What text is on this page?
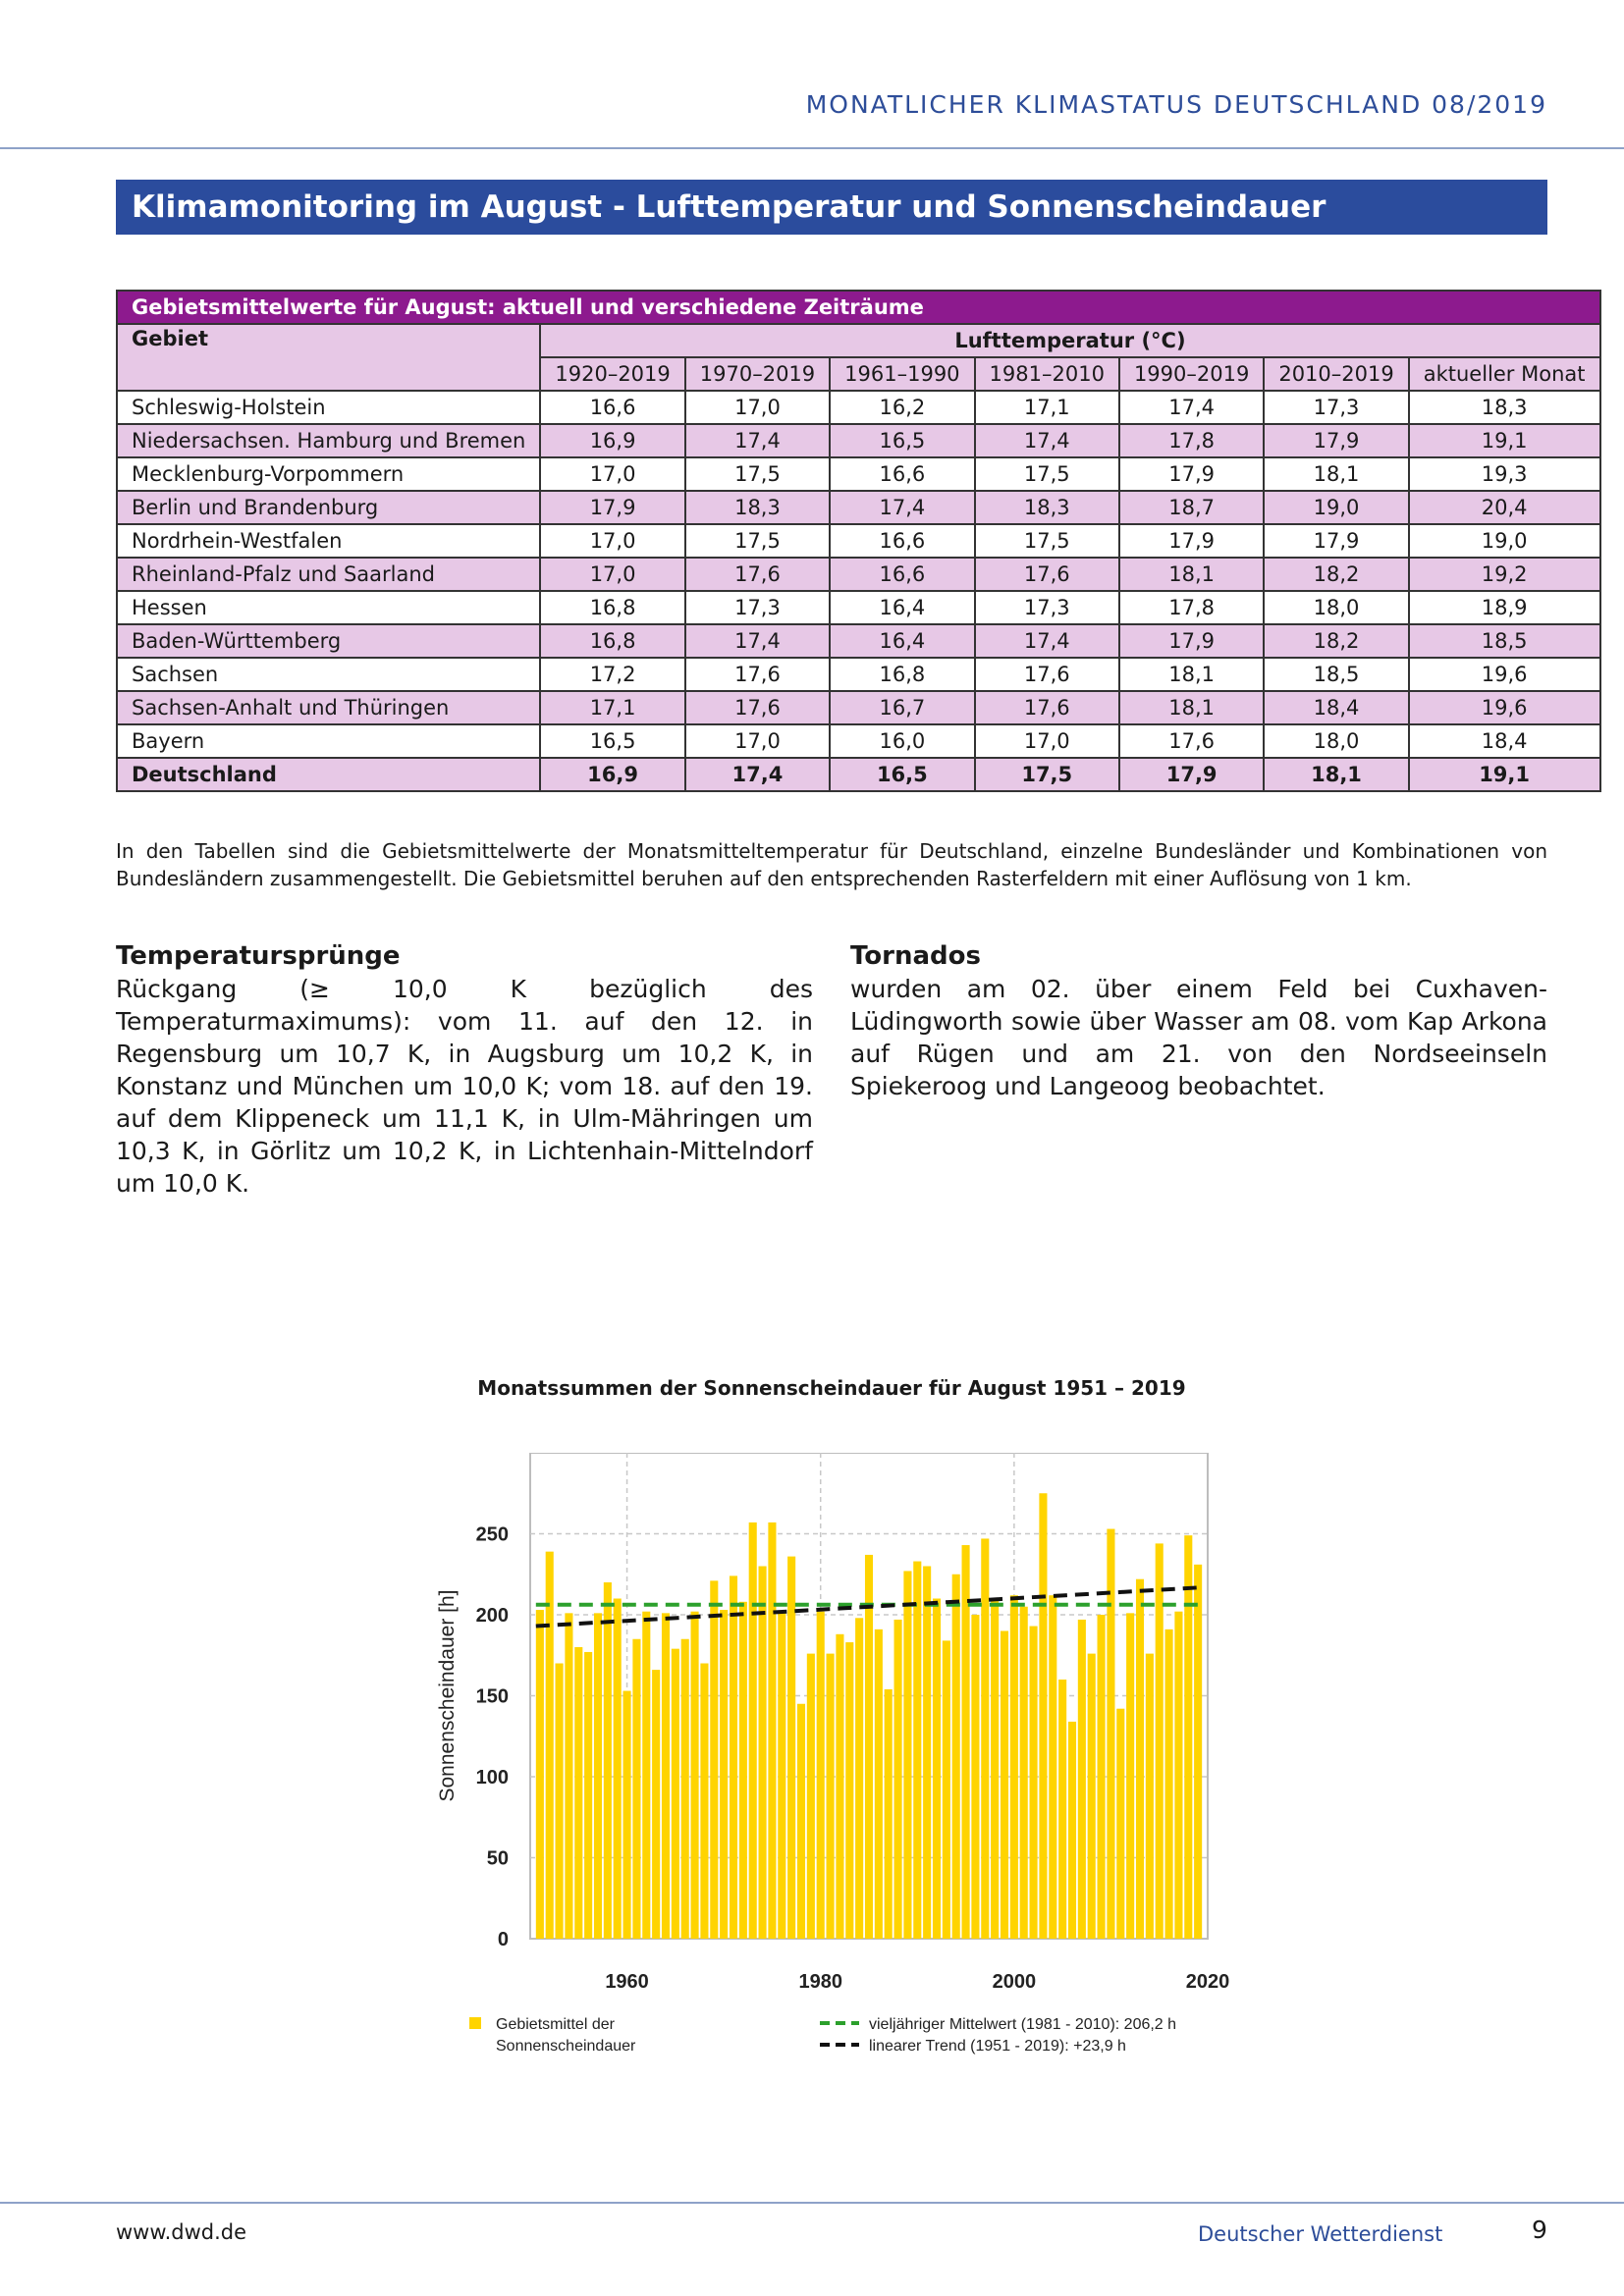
MONATLICHER KLIMASTATUS DEUTSCHLAND 08/2019
Klimamonitoring im August - Lufttemperatur und Sonnenscheindauer
Gebietsmittelwerte für August: aktuell und verschiedene Zeiträume							
Gebiet	Lufttemperatur (°C)						
	1920–2019	1970–2019	1961–1990	1981–2010	1990–2019	2010–2019	aktueller Monat
Schleswig-Holstein	16,6	17,0	16,2	17,1	17,4	17,3	18,3
Niedersachsen. Hamburg und Bremen	16,9	17,4	16,5	17,4	17,8	17,9	19,1
Mecklenburg-Vorpommern	17,0	17,5	16,6	17,5	17,9	18,1	19,3
Berlin und Brandenburg	17,9	18,3	17,4	18,3	18,7	19,0	20,4
Nordrhein-Westfalen	17,0	17,5	16,6	17,5	17,9	17,9	19,0
Rheinland-Pfalz und Saarland	17,0	17,6	16,6	17,6	18,1	18,2	19,2
Hessen	16,8	17,3	16,4	17,3	17,8	18,0	18,9
Baden-Württemberg	16,8	17,4	16,4	17,4	17,9	18,2	18,5
Sachsen	17,2	17,6	16,8	17,6	18,1	18,5	19,6
Sachsen-Anhalt und Thüringen	17,1	17,6	16,7	17,6	18,1	18,4	19,6
Bayern	16,5	17,0	16,0	17,0	17,6	18,0	18,4
Deutschland	16,9	17,4	16,5	17,5	17,9	18,1	19,1
In den Tabellen sind die Gebietsmittelwerte der Monatsmitteltemperatur für Deutschland, einzelne Bundesländer und Kombinationen von Bundesländern zusammengestellt. Die Gebietsmittel beruhen auf den entsprechenden Rasterfeldern mit einer Auflösung von 1 km.
Temperatursprünge

Rückgang (≥ 10,0 K bezüglich des Temperaturmaximums): vom 11. auf den 12. in Regensburg um 10,7 K, in Augsburg um 10,2 K, in Konstanz und München um 10,0 K; vom 18. auf den 19. auf dem Klippeneck um 11,1 K, in Ulm-Mähringen um 10,3 K, in Görlitz um 10,2 K, in Lichtenhain-Mittelndorf um 10,0 K.

Tornados

wurden am 02. über einem Feld bei Cuxhaven-Lüdingworth sowie über Wasser am 08. vom Kap Arkona auf Rügen und am 21. von den Nordseeinseln Spiekeroog und Langeoog beobachtet.

Monatssummen der Sonnenscheindauer für August 1951 – 2019
0
50
100
150
200
250
1960	1980	2000	2020
Sonnenscheindauer [h]
Gebietsmittel der
Sonnenscheindauer
vieljähriger Mittelwert (1981 - 2010): 206,2 h
linearer Trend (1951 - 2019): +23,9 h
www.dwd.de	Deutscher Wetterdienst	9
